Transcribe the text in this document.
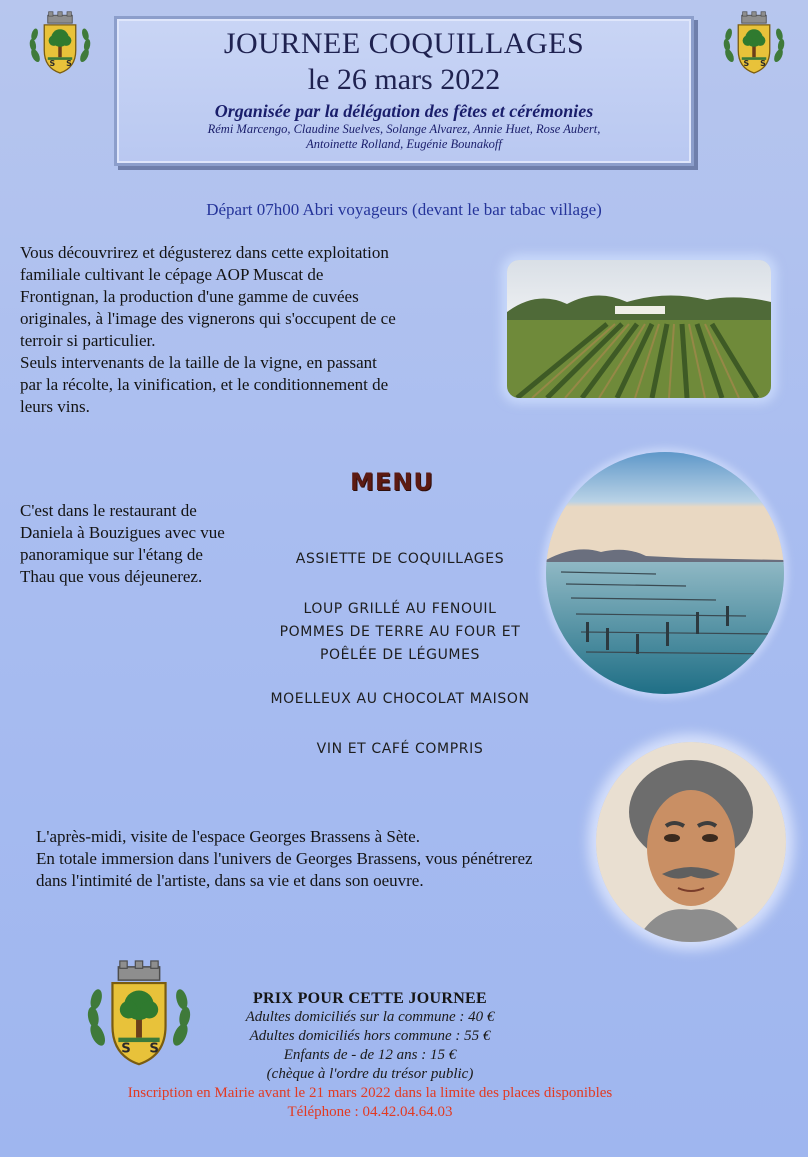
S S	S S
JOURNEE COQUILLAGES
le 26 mars 2022
Organisée par la délégation des fêtes et cérémonies
Rémi Marcengo, Claudine Suelves, Solange Alvarez, Annie Huet, Rose Aubert,
Antoinette Rolland, Eugénie Bounakoff
Départ 07h00 Abri voyageurs (devant le bar tabac village)
Vous découvrirez et dégusterez dans cette exploitation
familiale cultivant le cépage AOP Muscat de
Frontignan, la production d'une gamme de cuvées
originales, à l'image des vignerons qui s'occupent de ce
terroir si particulier.
Seuls intervenants de la taille de la vigne, en passant
par la récolte, la vinification, et le conditionnement de
leurs vins.
MENU
C'est dans le restaurant de
Daniela à Bouzigues avec vue
panoramique sur l'étang de
Thau que vous déjeunerez.
ASSIETTE DE COQUILLAGES
LOUP GRILLÉ AU FENOUIL
POMMES DE TERRE AU FOUR ET
POÊLÉE DE LÉGUMES
MOELLEUX AU CHOCOLAT MAISON
VIN ET CAFÉ COMPRIS
L'après-midi, visite de l'espace Georges Brassens à Sète.
En totale immersion dans l'univers de Georges Brassens, vous pénétrerez
dans l'intimité de l'artiste, dans sa vie et dans son oeuvre.
S S
PRIX POUR CETTE JOURNEE
Adultes domiciliés sur la commune : 40 €
Adultes domiciliés hors commune : 55 €
Enfants de - de 12 ans : 15 €
(chèque à l'ordre du trésor public)
Inscription en Mairie avant le 21 mars 2022 dans la limite des places disponibles
Téléphone : 04.42.04.64.03
